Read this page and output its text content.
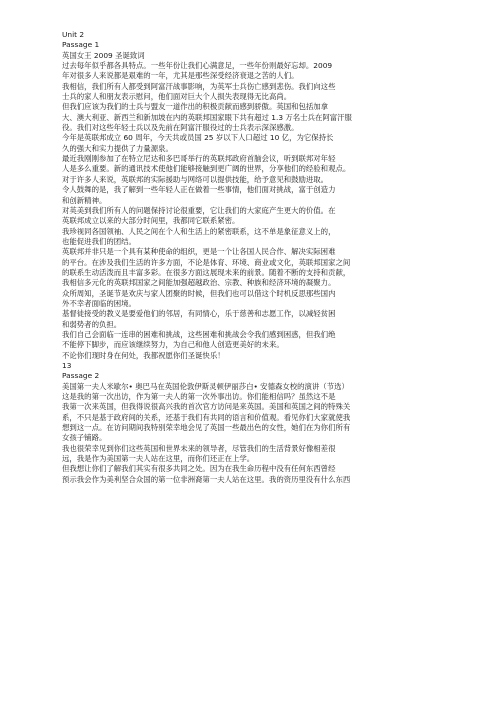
Unit 2
Passage 1
英国女王 2009 圣诞致词
过去每年似乎都各具特点。一些年份让我们心满意足，一些年份则最好忘却。2009
年对很多人来说都是艰难的一年，尤其是那些深受经济衰退之苦的人们。
我相信，我们所有人都受到阿富汗战事影响，为英军士兵伤亡感到悲伤。我们向这些
士兵的家人和朋友表示慰问，他们面对巨大个人损失表现得无比高尚。
但我们应该为我们的士兵与盟友一道作出的积极贡献而感到骄傲。英国和包括加拿
大、澳大利亚、新西兰和新加坡在内的英联邦国家眼下共有超过 1.3 万名士兵在阿富汗服
役。我们对这些年轻士兵以及先前在阿富汗服役过的士兵表示深深感激。
今年是英联邦成立 60 周年，今天共或员国 25 岁以下人口超过 10 亿，为它保持长
久的强大和实力提供了力量源泉。
最近我刚刚参加了在特立尼达和多巴哥举行的英联邦政府首脑会议，听到联邦对年轻
人是多么重要。新的通讯技术使他们能够接触到更广阔的世界，分享他们的经验和观点。
对于许多人来说，英联邦的实际援助与网络可以提供技能，给予意见和鼓励进取。
令人鼓舞的是，我了解到一些年轻人正在做着一些事情，他们面对挑战，富于创造力
和创新精神。
对英美到我们所有人的问题保持讨论很重要，它让我们的大家庭产生更大的价值。在
英联邦成立以来的大部分时间里，我都同它联系紧密。
我珍视同各国领袖、人民之间在个人和生活上的紧密联系，这不单是象征意义上的，
也能促进我们的团结。
英联邦并非只是一个具有某种使命的组织，更是一个让各国人民合作、解决实际困难
的平台。在涉及我们生活的许多方面，不论是体育、环境、商业或文化，英联邦国家之间
的联系生动活泼而且丰富多彩。在很多方面这展现未来的前景。随着不断的支持和贡献，
我相信多元化的英联邦国家之间能加强超越政治、宗教、种族和经济环境的凝聚力。
众所周知，圣诞节是欢庆与家人团聚的时候，但我们也可以借这个时机反思那些国内
外不幸者面临的困境。
基督徒接受的教义是要爱他们的邻居，有同情心，乐于慈善和志愿工作，以减轻贫困
和弱势者的负担。
我们自己会面临一连串的困难和挑战，这些困难和挑战会令我们感到困惑，但我们绝
不能停下脚步，而应该继续努力，为自己和他人创造更美好的未来。
不论你们现时身在何处，我都祝愿你们圣诞快乐！
13
Passage 2
美国第一夫人米歇尔• 奥巴马在英国伦敦伊斯灵顿伊丽莎白• 安德森女校的演讲（节选）
这是我的第一次出访，作为第一夫人的第一次外事出访。你们能相信吗？虽然这不是
我第一次来英国，但我得说很高兴我的首次官方访问是来英国。美国和英国之间的特殊关
系，不只是基于政府间的关系，还基于我们有共同的语言和价值观。看见你们大家就使我
想到这一点。在访问期间我特别荣幸地会见了英国一些最出色的女性，她们在为你们所有
女孩子铺路。
我也很荣幸见到你们这些英国和世界未来的领导者，尽管我们的生活背景好像相差很
远，我是作为美国第一夫人站在这里，而你们还正在上学。
但我想让你们了解我们其实有很多共同之处。因为在我生命历程中没有任何东西曾经
预示我会作为美利坚合众国的第一位非洲裔第一夫人站在这里。我的资历里没有什么东西
